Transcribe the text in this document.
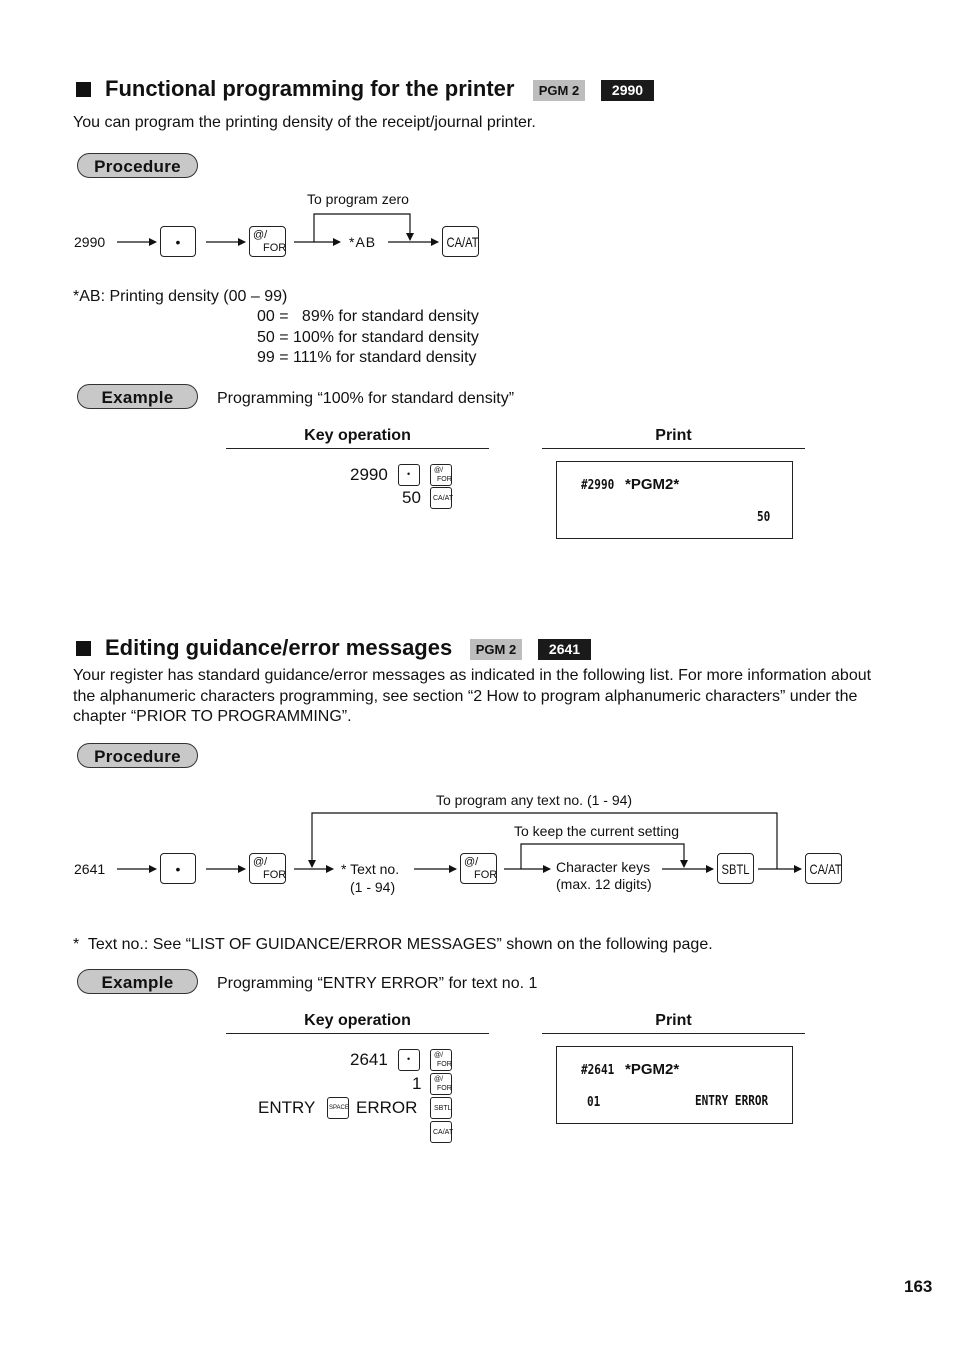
Functional programming for the printer	PGM 2	2990
You can program the printing density of the receipt/journal printer.
Procedure
2990	•	@/
FOR
To program zero
*AB	CA/AT
*AB: Printing density (00 – 99)
00 =   89% for standard density
50 = 100% for standard density
99 = 111% for standard density
Example	Programming “100% for standard density”
Key operation	Print
2990 •	@/
FOR
50 CA/AT
#2990 *PGM2*
50
Editing guidance/error messages	PGM 2	2641
Your register has standard guidance/error messages as indicated in the following list. For more information about the alphanumeric characters programming, see section “2 How to program alphanumeric characters” under the chapter “PRIOR TO PROGRAMMING”.
Procedure
2641	•	@/
FOR
To program any text no. (1 - 94)
To keep the current setting
* Text no.
(1 - 94)
@/
FOR	Character keys
(max. 12 digits)
SBTL	CA/AT
*  Text no.: See “LIST OF GUIDANCE/ERROR MESSAGES” shown on the following page.
Example	Programming “ENTRY ERROR” for text no. 1
Key operation	Print
2641 •	@/
FOR
1 @/
FOR
ENTRY SPACE ERROR SBTL
CA/AT
#2641 *PGM2*
01	ENTRY ERROR
163
